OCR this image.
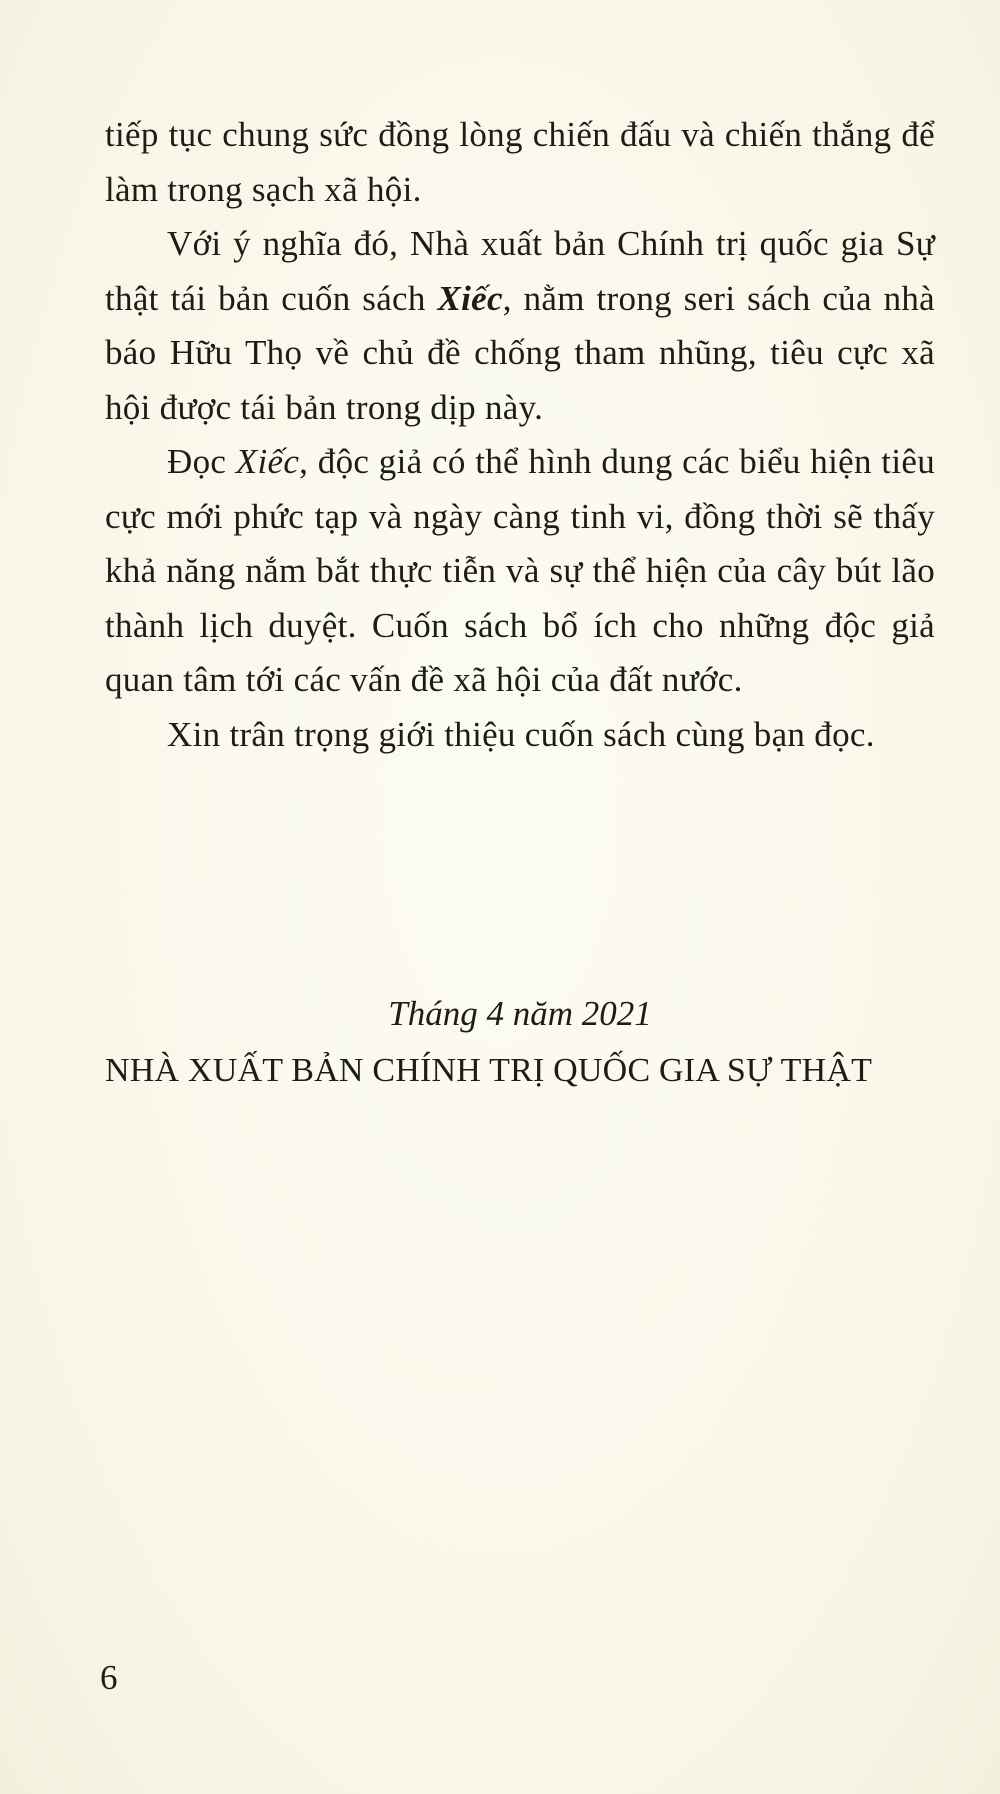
tiếp tục chung sức đồng lòng chiến đấu và chiến thắng để làm trong sạch xã hội.

Với ý nghĩa đó, Nhà xuất bản Chính trị quốc gia Sự thật tái bản cuốn sách Xiếc, nằm trong seri sách của nhà báo Hữu Thọ về chủ đề chống tham nhũng, tiêu cực xã hội được tái bản trong dịp này.

Đọc Xiếc, độc giả có thể hình dung các biểu hiện tiêu cực mới phức tạp và ngày càng tinh vi, đồng thời sẽ thấy khả năng nắm bắt thực tiễn và sự thể hiện của cây bút lão thành lịch duyệt. Cuốn sách bổ ích cho những độc giả quan tâm tới các vấn đề xã hội của đất nước.

Xin trân trọng giới thiệu cuốn sách cùng bạn đọc.

Tháng 4 năm 2021
NHÀ XUẤT BẢN CHÍNH TRỊ QUỐC GIA SỰ THẬT
6
